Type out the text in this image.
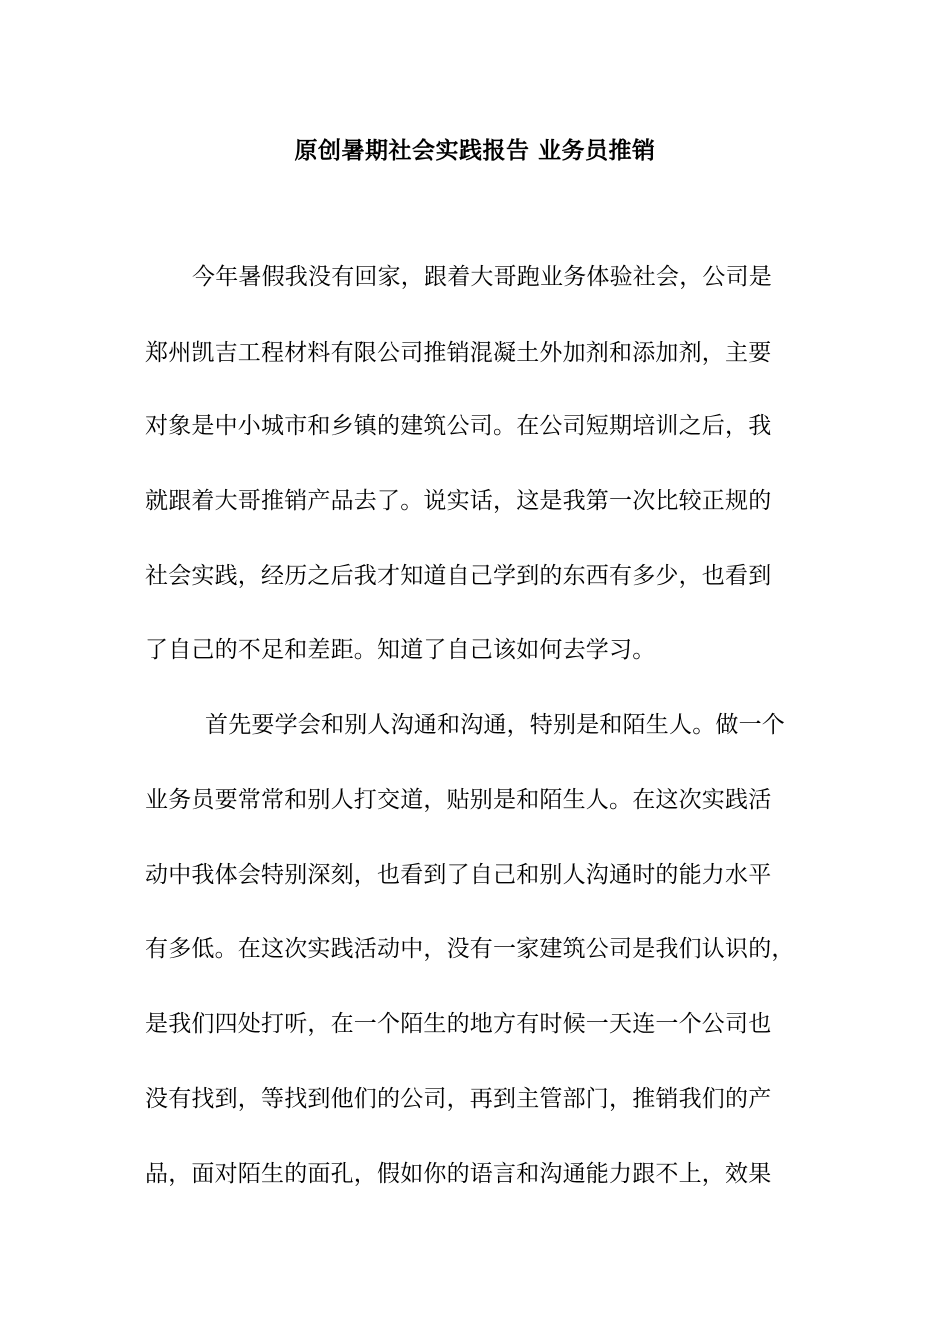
原创暑期社会实践报告 业务员推销
今年暑假我没有回家，跟着大哥跑业务体验社会，公司是
郑州凯吉工程材料有限公司推销混凝土外加剂和添加剂，主要
对象是中小城市和乡镇的建筑公司。在公司短期培训之后，我
就跟着大哥推销产品去了。说实话，这是我第一次比较正规的
社会实践，经历之后我才知道自己学到的东西有多少，也看到
了自己的不足和差距。知道了自己该如何去学习。
首先要学会和别人沟通和沟通，特别是和陌生人。做一个
业务员要常常和别人打交道，贴别是和陌生人。在这次实践活
动中我体会特别深刻，也看到了自己和别人沟通时的能力水平
有多低。在这次实践活动中，没有一家建筑公司是我们认识的，
是我们四处打听，在一个陌生的地方有时候一天连一个公司也
没有找到，等找到他们的公司，再到主管部门，推销我们的产
品，面对陌生的面孔，假如你的语言和沟通能力跟不上，效果
